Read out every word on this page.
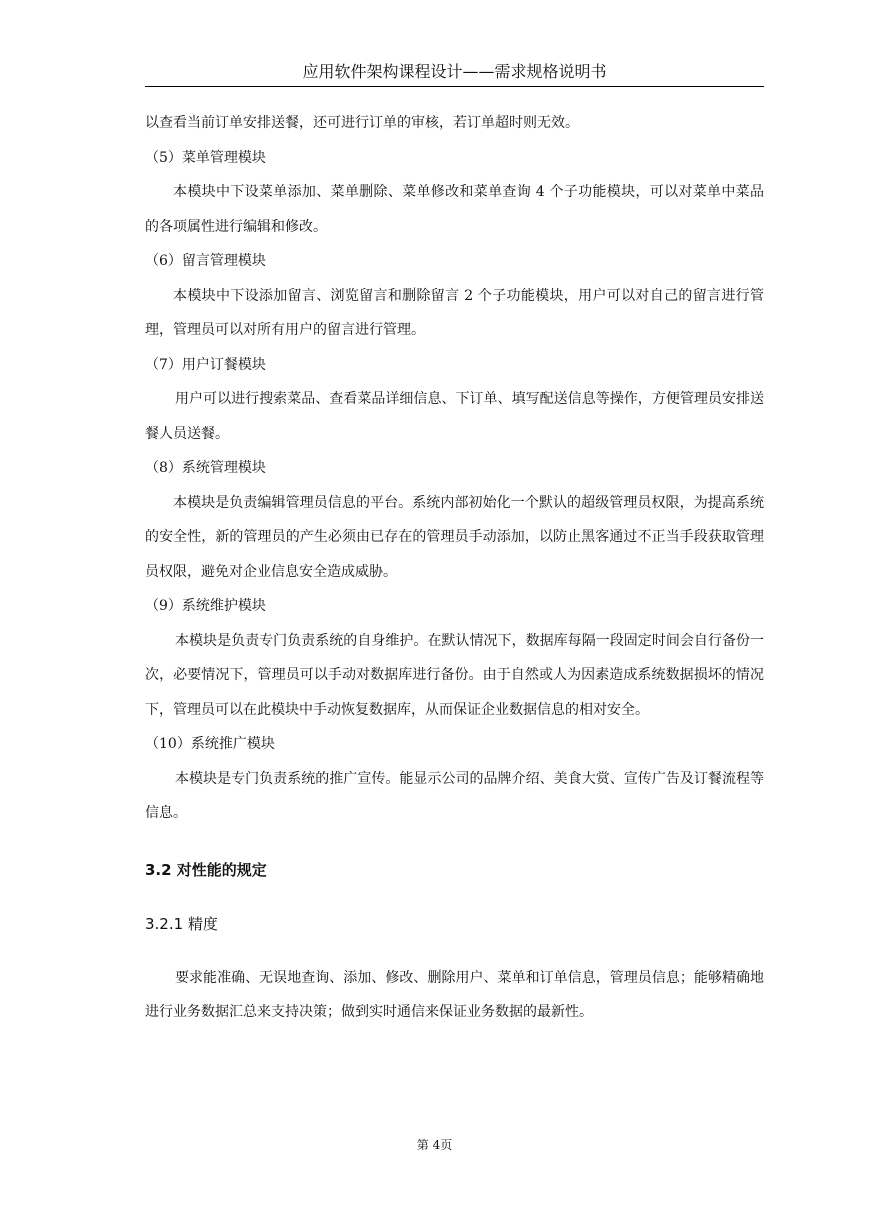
应用软件架构课程设计——需求规格说明书

以查看当前订单安排送餐，还可进行订单的审核，若订单超时则无效。

（5）菜单管理模块

本模块中下设菜单添加、菜单删除、菜单修改和菜单查询 4 个子功能模块，可以对菜单中菜品的各项属性进行编辑和修改。

（6）留言管理模块

本模块中下设添加留言、浏览留言和删除留言 2 个子功能模块，用户可以对自己的留言进行管理，管理员可以对所有用户的留言进行管理。

（7）用户订餐模块

用户可以进行搜索菜品、查看菜品详细信息、下订单、填写配送信息等操作，方便管理员安排送餐人员送餐。

（8）系统管理模块

本模块是负责编辑管理员信息的平台。系统内部初始化一个默认的超级管理员权限，为提高系统的安全性，新的管理员的产生必须由已存在的管理员手动添加，以防止黑客通过不正当手段获取管理员权限，避免对企业信息安全造成威胁。

（9）系统维护模块

本模块是负责专门负责系统的自身维护。在默认情况下，数据库每隔一段固定时间会自行备份一次，必要情况下，管理员可以手动对数据库进行备份。由于自然或人为因素造成系统数据损坏的情况下，管理员可以在此模块中手动恢复数据库，从而保证企业数据信息的相对安全。

（10）系统推广模块

本模块是专门负责系统的推广宣传。能显示公司的品牌介绍、美食大赏、宣传广告及订餐流程等信息。

3.2 对性能的规定

3.2.1 精度

要求能准确、无误地查询、添加、修改、删除用户、菜单和订单信息，管理员信息；能够精确地进行业务数据汇总来支持决策；做到实时通信来保证业务数据的最新性。

第 4页
